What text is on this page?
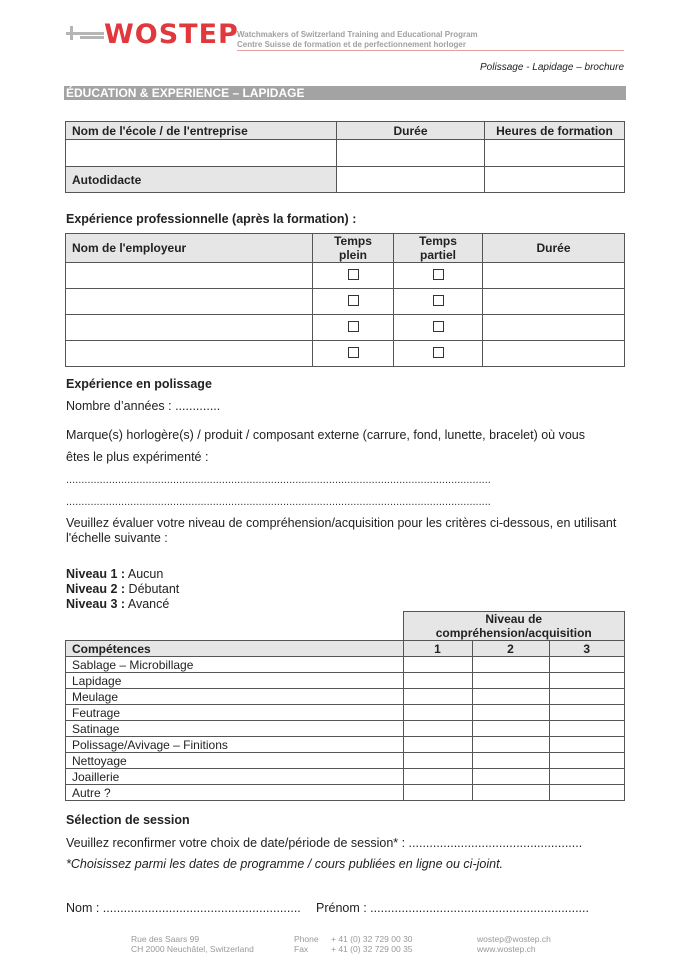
WOSTEP
Watchmakers of Switzerland Training and Educational Program
Centre Suisse de formation et de perfectionnement horloger
Polissage - Lapidage – brochure
ÉDUCATION & EXPERIENCE – LAPIDAGE
Nom de l'école / de l'entreprise	Durée	Heures de formation

Autodidacte		
Expérience professionnelle (après la formation) :
Nom de l'employeur	Temps plein	Temps partiel	Durée

Expérience en polissage
Nombre d’années : .............
Marque(s) horlogère(s) / produit / composant externe (carrure, fond, lunette, bracelet) où vous
êtes le plus expérimenté :
...........................................................................................................................................
...........................................................................................................................................
Veuillez évaluer votre niveau de compréhension/acquisition pour les critères ci-dessous, en utilisant
l'échelle suivante :
Niveau 1 : Aucun
Niveau 2 : Débutant
Niveau 3 : Avancé
	Niveau de compréhension/acquisition		
Compétences	1	2	3
Sablage – Microbillage			
Lapidage			
Meulage			
Feutrage			
Satinage			
Polissage/Avivage – Finitions			
Nettoyage			
Joaillerie			
Autre ?			
Sélection de session
Veuillez reconfirmer votre choix de date/période de session* : ..................................................
*Choisissez parmi les dates de programme / cours publiées en ligne ou ci-joint.
Nom : ......................................................... Prénom : ...............................................................
Rue des Saars 99
CH 2000 Neuchâtel, Switzerland
Phone
Fax
+ 41 (0) 32 729 00 30
+ 41 (0) 32 729 00 35
wostep@wostep.ch
www.wostep.ch
